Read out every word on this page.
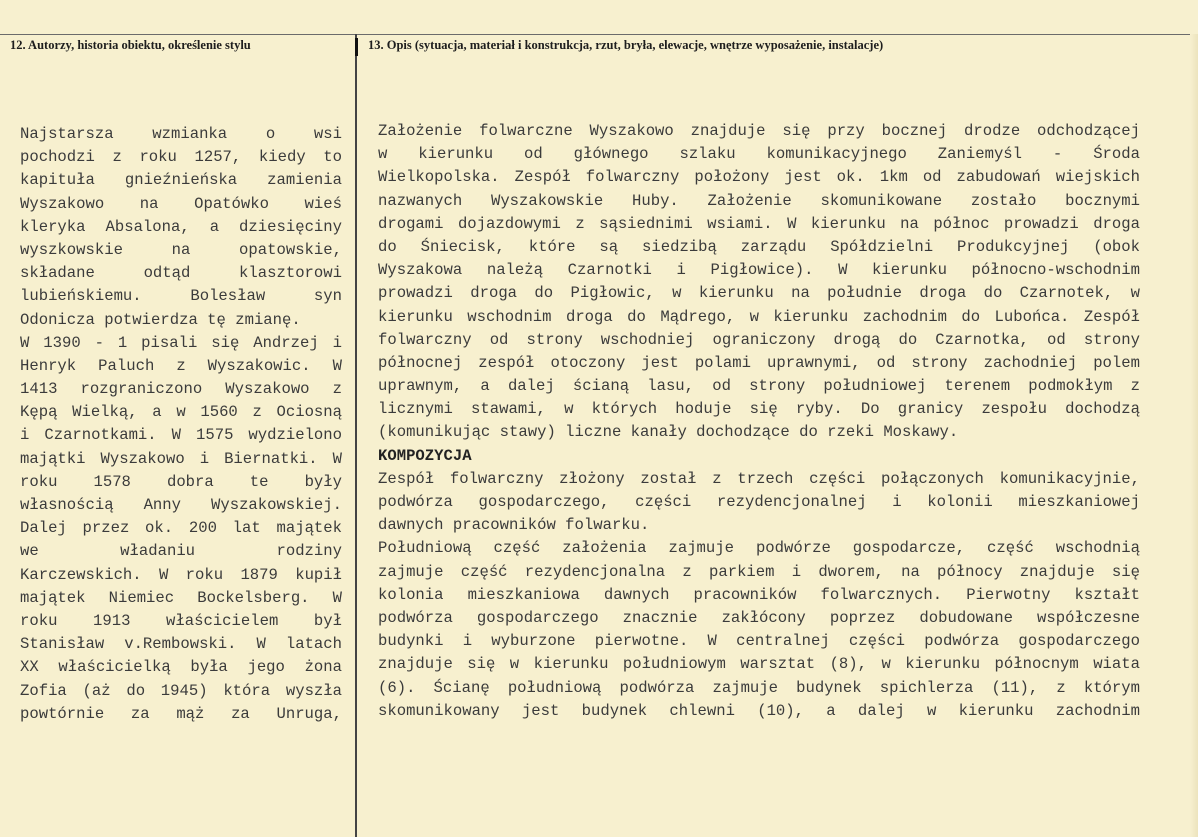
12. Autorzy, historia obiektu, określenie stylu	13. Opis (sytuacja, materiał i konstrukcja, rzut, bryła, elewacje, wnętrze wyposażenie, instalacje)
Najstarsza wzmianka o wsi
pochodzi z roku 1257, kiedy to
kapituła gnieźnieńska zamienia
Wyszakowo na Opatówko wieś
kleryka Absalona, a dziesięciny
wyszkowskie na opatowskie,
składane odtąd klasztorowi
lubieńskiemu. Bolesław syn
Odonicza potwierdza tę zmianę.
W 1390 - 1 pisali się Andrzej i
Henryk Paluch z Wyszakowic. W
1413 rozgraniczono Wyszakowo z
Kępą Wielką, a w 1560 z Ociosną
i Czarnotkami. W 1575 wydzielono
majątki Wyszakowo i Biernatki. W
roku 1578 dobra te były
własnością Anny Wyszakowskiej.
Dalej przez ok. 200 lat majątek
we władaniu rodziny
Karczewskich. W roku 1879 kupił
majątek Niemiec Bockelsberg. W
roku 1913 właścicielem był
Stanisław v.Rembowski. W latach
XX właścicielką była jego żona
Zofia (aż do 1945) która wyszła
powtórnie za mąż za Unruga,
Założenie folwarczne Wyszakowo znajduje się przy bocznej drodze odchodzącej
w kierunku od głównego szlaku komunikacyjnego Zaniemyśl - Środa
Wielkopolska. Zespół folwarczny położony jest ok. 1km od zabudowań wiejskich
nazwanych Wyszakowskie Huby. Założenie skomunikowane zostało bocznymi
drogami dojazdowymi z sąsiednimi wsiami. W kierunku na północ prowadzi droga
do Śniecisk, które są siedzibą zarządu Spółdzielni Produkcyjnej (obok
Wyszakowa należą Czarnotki i Pigłowice). W kierunku północno-wschodnim
prowadzi droga do Pigłowic, w kierunku na południe droga do Czarnotek, w
kierunku wschodnim droga do Mądrego, w kierunku zachodnim do Lubońca. Zespół
folwarczny od strony wschodniej ograniczony drogą do Czarnotka, od strony
północnej zespół otoczony jest polami uprawnymi, od strony zachodniej polem
uprawnym, a dalej ścianą lasu, od strony południowej terenem podmokłym z
licznymi stawami, w których hoduje się ryby. Do granicy zespołu dochodzą
(komunikując stawy) liczne kanały dochodzące do rzeki Moskawy.
KOMPOZYCJA
Zespół folwarczny złożony został z trzech części połączonych komunikacyjnie,
podwórza gospodarczego, części rezydencjonalnej i kolonii mieszkaniowej
dawnych pracowników folwarku.
Południową część założenia zajmuje podwórze gospodarcze, część wschodnią
zajmuje część rezydencjonalna z parkiem i dworem, na północy znajduje się
kolonia mieszkaniowa dawnych pracowników folwarcznych. Pierwotny kształt
podwórza gospodarczego znacznie zakłócony poprzez dobudowane współczesne
budynki i wyburzone pierwotne. W centralnej części podwórza gospodarczego
znajduje się w kierunku południowym warsztat (8), w kierunku północnym wiata
(6). Ścianę południową podwórza zajmuje budynek spichlerza (11), z którym
skomunikowany jest budynek chlewni (10), a dalej w kierunku zachodnim
